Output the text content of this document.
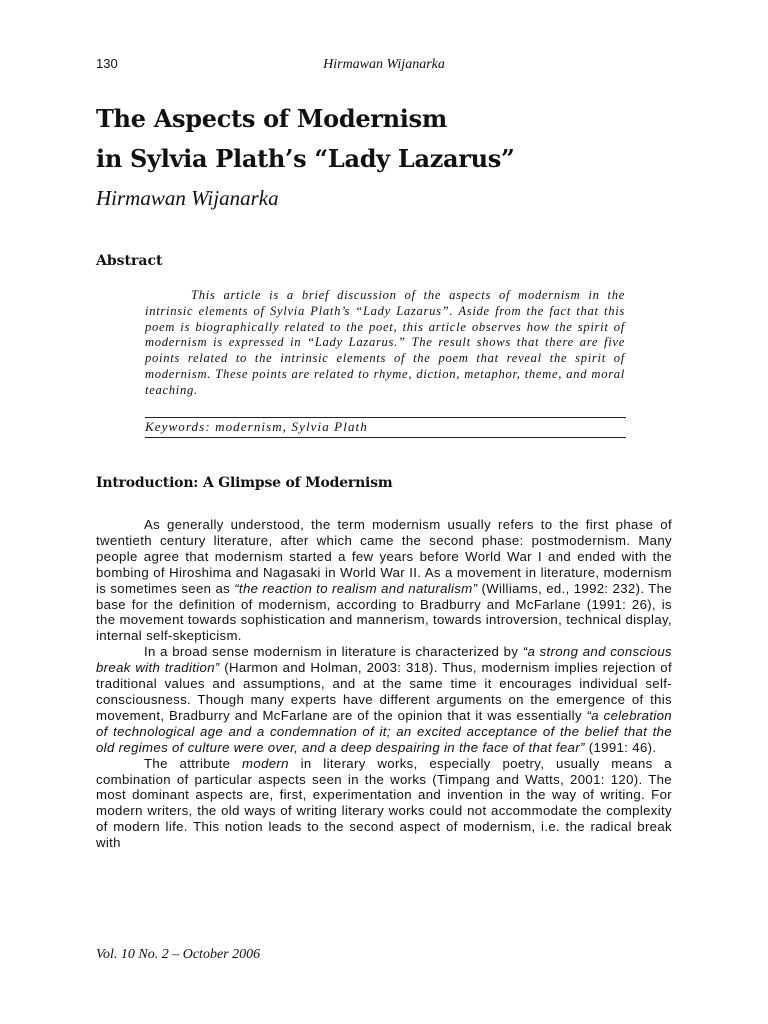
130	Hirmawan Wijanarka
The Aspects of Modernism
in Sylvia Plath’s “Lady Lazarus”
Hirmawan Wijanarka
Abstract

This article is a brief discussion of the aspects of modernism in the intrinsic elements of Sylvia Plath’s “Lady Lazarus”. Aside from the fact that this poem is biographically related to the poet, this article observes how the spirit of modernism is expressed in “Lady Lazarus.” The result shows that there are five points related to the intrinsic elements of the poem that reveal the spirit of modernism. These points are related to rhyme, diction, metaphor, theme, and moral teaching.

Keywords: modernism, Sylvia Plath
Introduction: A Glimpse of Modernism

As generally understood, the term modernism usually refers to the first phase of twentieth century literature, after which came the second phase: postmodernism. Many people agree that modernism started a few years before World War I and ended with the bombing of Hiroshima and Nagasaki in World War II. As a movement in literature, modernism is sometimes seen as “the reaction to realism and naturalism” (Williams, ed., 1992: 232). The base for the definition of modernism, according to Bradburry and McFarlane (1991: 26), is the movement towards sophistication and mannerism, towards introversion, technical display, internal self-skepticism.

In a broad sense modernism in literature is characterized by “a strong and conscious break with tradition” (Harmon and Holman, 2003: 318). Thus, modernism implies rejection of traditional values and assumptions, and at the same time it encourages individual self-consciousness. Though many experts have different arguments on the emergence of this movement, Bradburry and McFarlane are of the opinion that it was essentially “a celebration of technological age and a condemnation of it; an excited acceptance of the belief that the old regimes of culture were over, and a deep despairing in the face of that fear” (1991: 46).

The attribute modern in literary works, especially poetry, usually means a combination of particular aspects seen in the works (Timpang and Watts, 2001: 120). The most dominant aspects are, first, experimentation and invention in the way of writing. For modern writers, the old ways of writing literary works could not accommodate the complexity of modern life. This notion leads to the second aspect of modernism, i.e. the radical break with

Vol. 10 No. 2 – October 2006
